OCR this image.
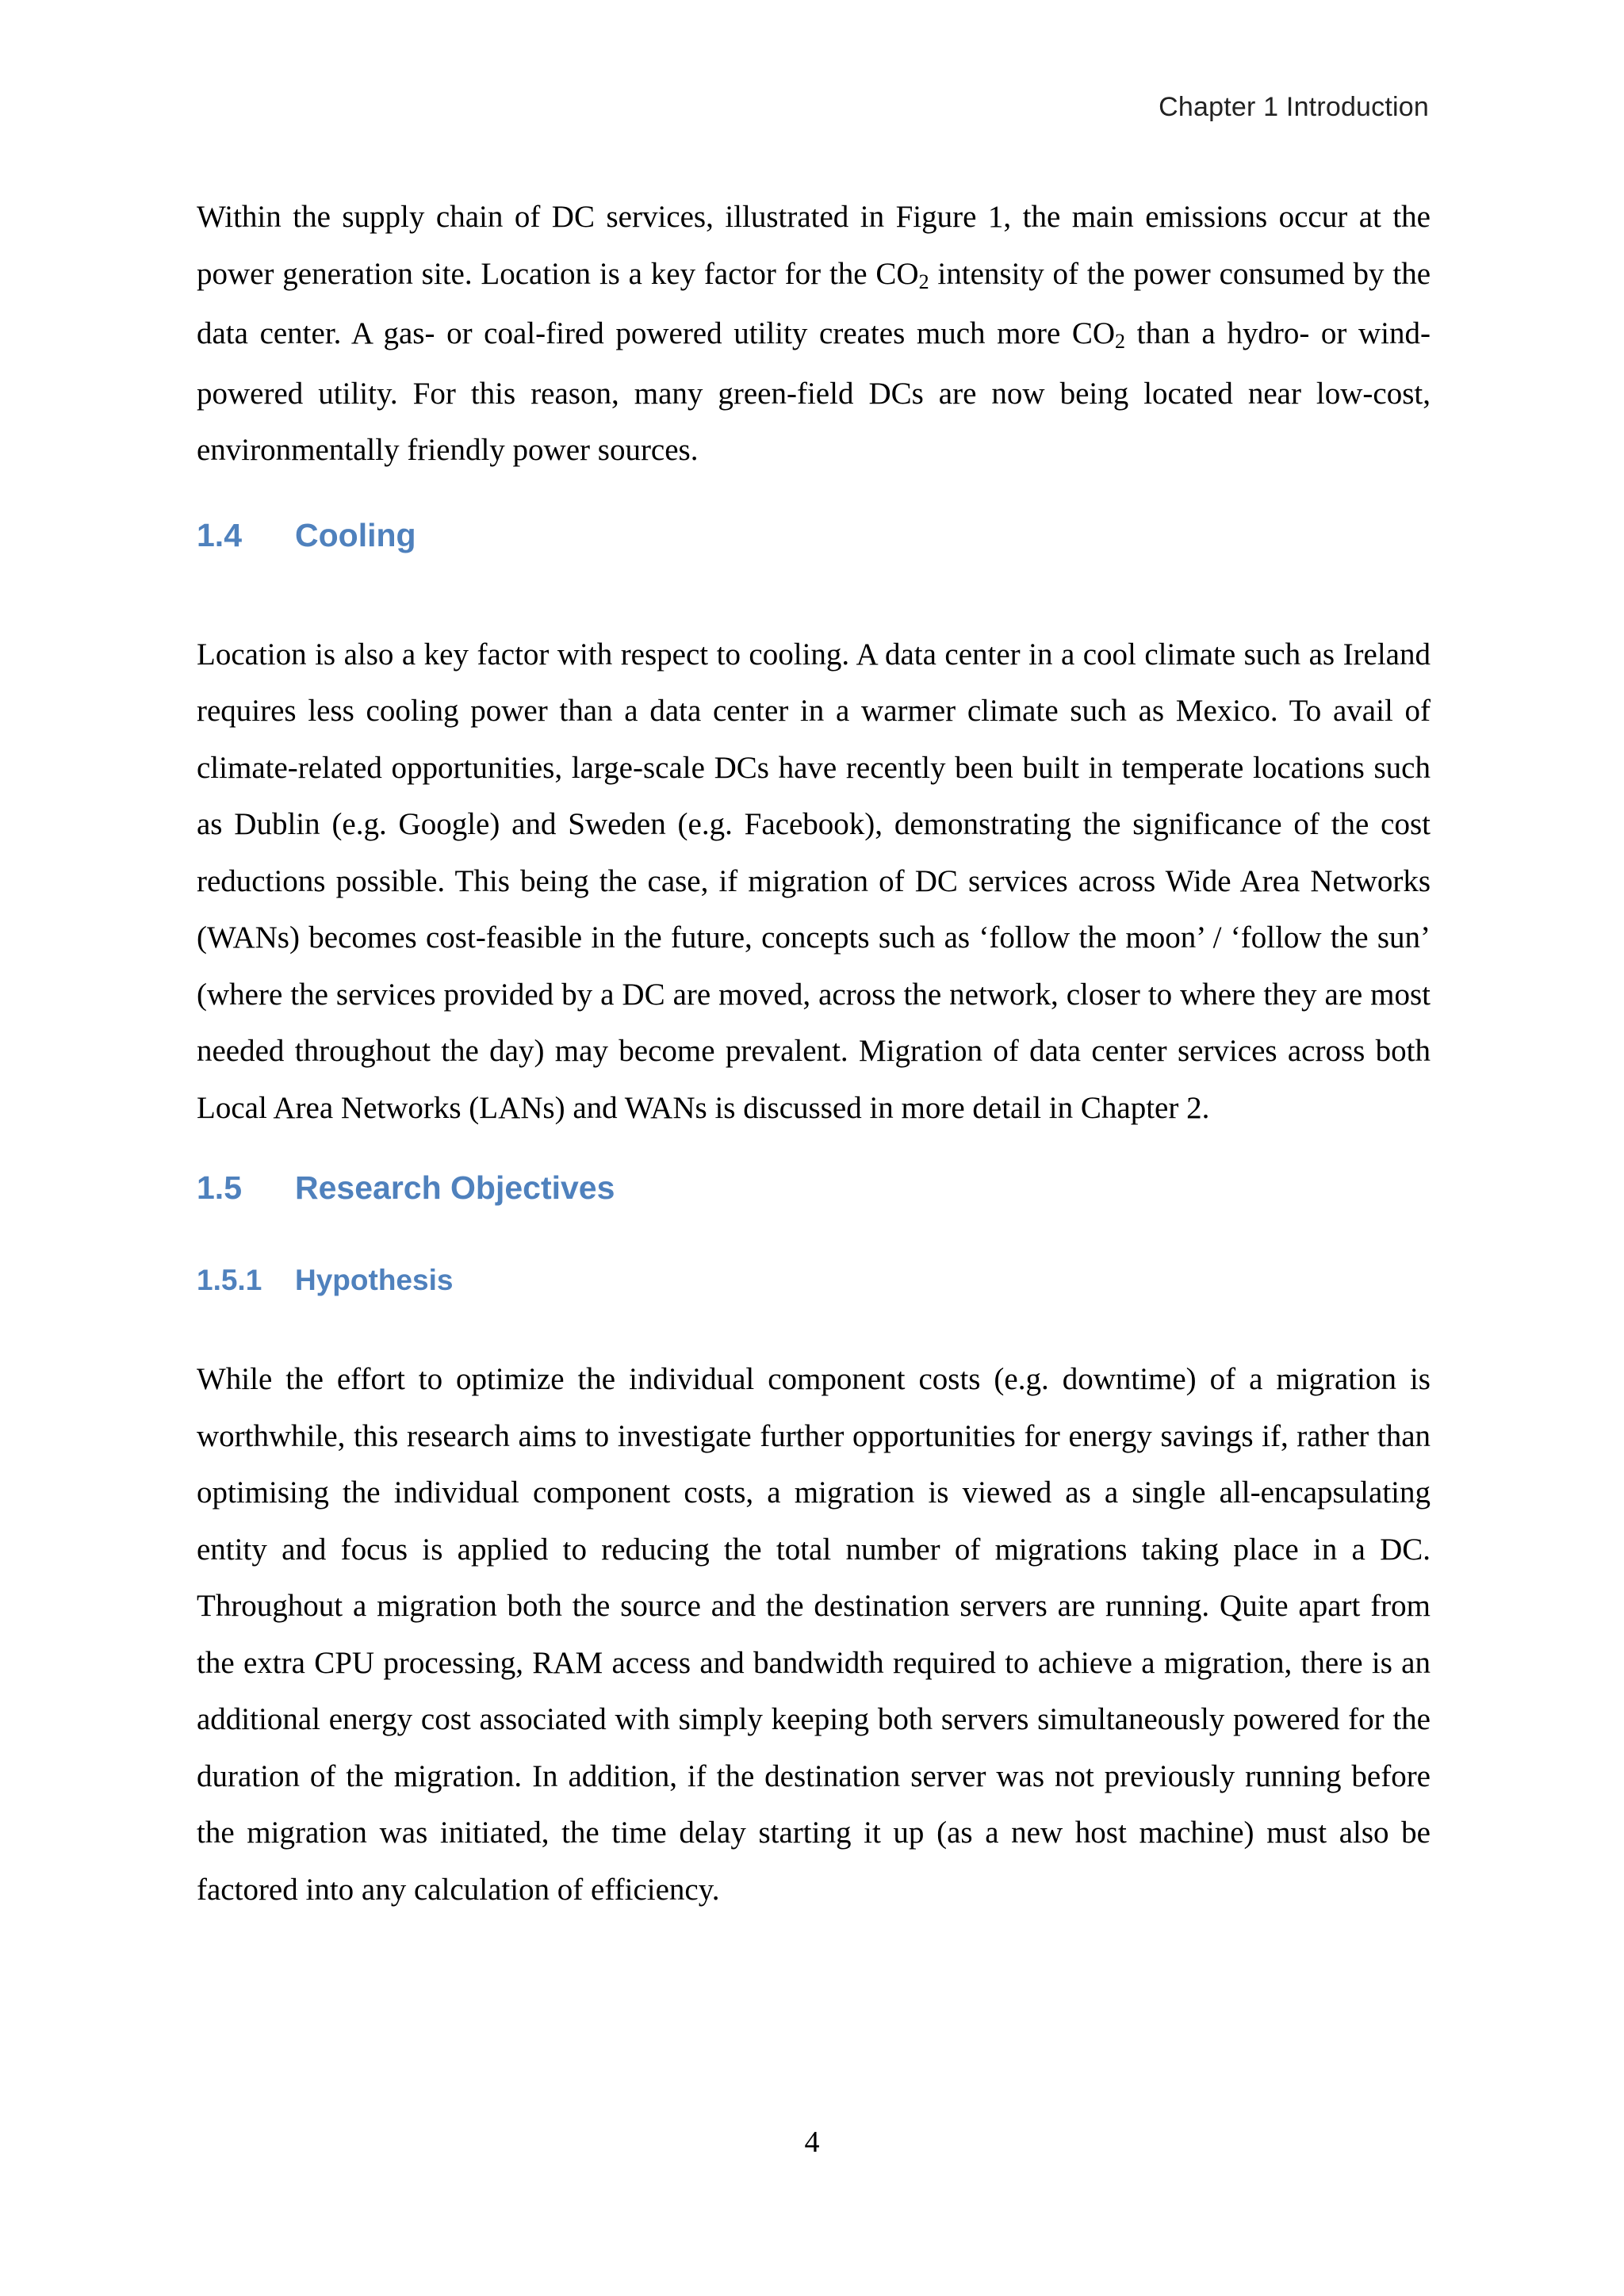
Chapter 1 Introduction

Within the supply chain of DC services, illustrated in Figure 1, the main emissions occur at the power generation site. Location is a key factor for the CO2 intensity of the power consumed by the data center. A gas- or coal-fired powered utility creates much more CO2 than a hydro- or wind-powered utility. For this reason, many green-field DCs are now being located near low-cost, environmentally friendly power sources.

1.4	Cooling

Location is also a key factor with respect to cooling. A data center in a cool climate such as Ireland requires less cooling power than a data center in a warmer climate such as Mexico. To avail of climate-related opportunities, large-scale DCs have recently been built in temperate locations such as Dublin (e.g. Google) and Sweden (e.g. Facebook), demonstrating the significance of the cost reductions possible. This being the case, if migration of DC services across Wide Area Networks (WANs) becomes cost-feasible in the future, concepts such as ‘follow the moon’ / ‘follow the sun’ (where the services provided by a DC are moved, across the network, closer to where they are most needed throughout the day) may become prevalent. Migration of data center services across both Local Area Networks (LANs) and WANs is discussed in more detail in Chapter 2.

1.5	Research Objectives
1.5.1	Hypothesis

While the effort to optimize the individual component costs (e.g. downtime) of a migration is worthwhile, this research aims to investigate further opportunities for energy savings if, rather than optimising the individual component costs, a migration is viewed as a single all-encapsulating entity and focus is applied to reducing the total number of migrations taking place in a DC. Throughout a migration both the source and the destination servers are running. Quite apart from the extra CPU processing, RAM access and bandwidth required to achieve a migration, there is an additional energy cost associated with simply keeping both servers simultaneously powered for the duration of the migration. In addition, if the destination server was not previously running before the migration was initiated, the time delay starting it up (as a new host machine) must also be factored into any calculation of efficiency.

4
